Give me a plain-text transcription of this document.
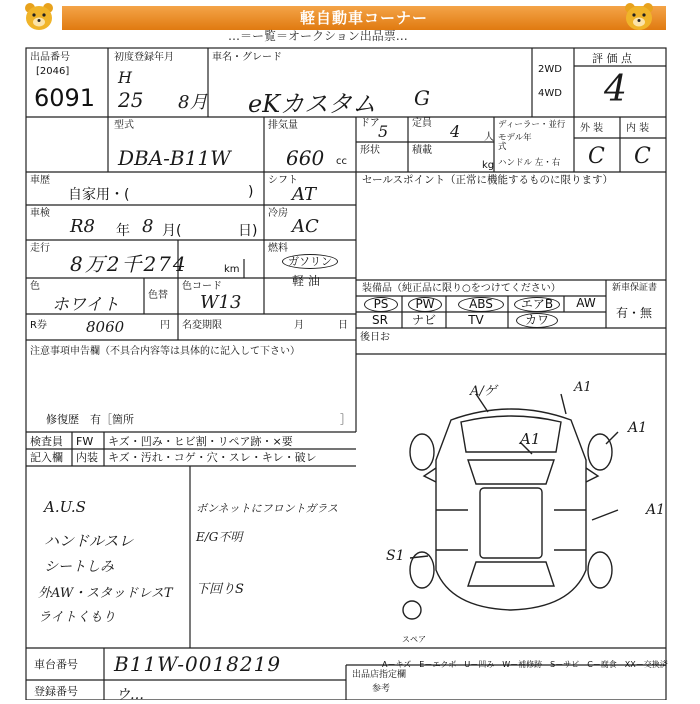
軽自動車コーナー
…＝ー覧＝オークション出品票…
出品番号
[2046]
6091
初度登録年月
H
25 8月
車名・グレード
eKカスタム G
2WD
4WD
評 価 点
4
型式
DBA-B11W
排気量
660 cc
ドア
5 定員 4 人
形状	積載
kg
ディーラー・並行
モデル年式
ハンドル 左・右
外 装 内 装
C C
車歴
自家用・(	)
車検
R8 年 8 月(	日)
走行
8万2千274	km
色
ホワイト	色替
色コード
W13
R券	8060	円 名変期限	月	日
シフト
AT
冷房
AC
燃料
ガソリン
軽 油
セールスポイント（正常に機能するものに限ります）
装備品（純正品に限り○をつけてください）
PS	PW	ABS	エアB	AW
SR	ナビ	TV	カワ
新車保証書
有・無
後日お
注意事項申告欄（不具合内容等は具体的に記入して下さい）
修復歴　有［箇所	］
検査員
記入欄
FW キズ・凹み・ヒビ割・リペア跡・×要
内装 キズ・汚れ・コゲ・穴・スレ・キレ・破レ
A.U.S
ハンドルスレ
シートしみ
外AW・スタッドレスT
ライトくもり
ボンネットにフロントガラス
E/G不明
下回りS
A/ゲ	A1
A1
A1
A1
S1
スペア
A－キズ　E－エクボ　U－凹み　W－補修跡　S－サビ　C－腐食　XX－交換済
車台番号 B11W-0018219
登録番号	ウ…
出品店指定欄
参考
